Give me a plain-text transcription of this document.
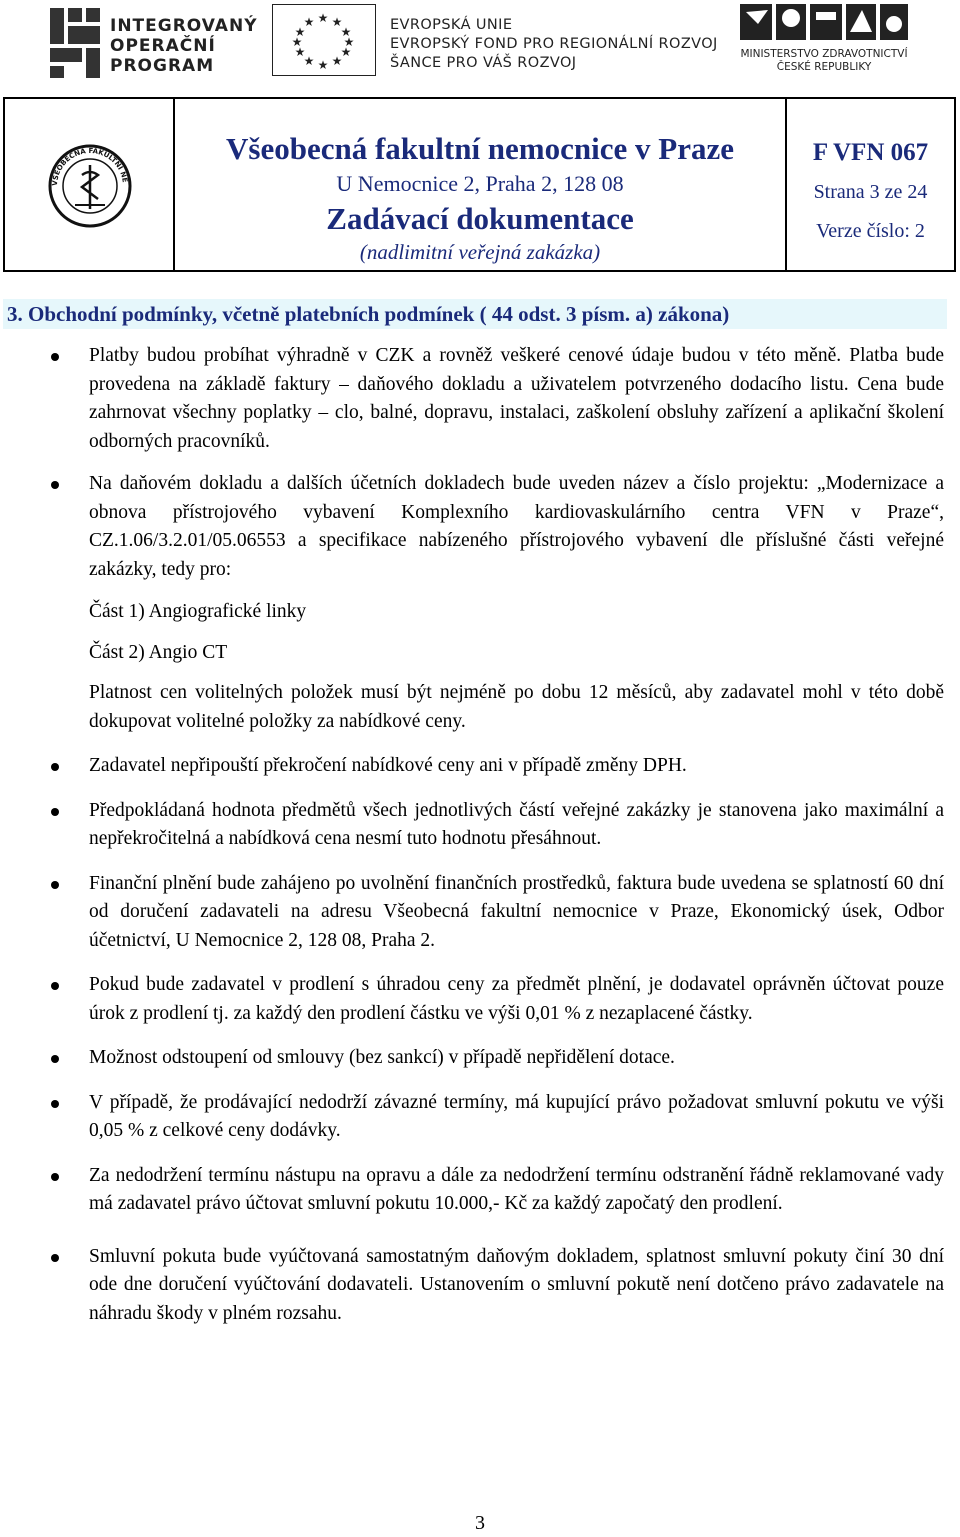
INTEGROVANÝ
OPERAČNÍ
PROGRAM
★ ★
★
★
★
★
★
★
★
★
★
★	EVROPSKÁ UNIE
EVROPSKÝ FOND PRO REGIONÁLNÍ ROZVOJ
ŠANCE PRO VÁŠ ROZVOJ
MINISTERSTVO ZDRAVOTNICTVÍ
ČESKÉ REPUBLIKY
VŠEOBECNÁ FAKULTNÍ NE
Všeobecná fakultní nemocnice v Praze
U Nemocnice 2, Praha 2, 128 08
Zadávací dokumentace
(nadlimitní veřejná zakázka)
F VFN 067
Strana 3 ze 24
Verze číslo: 2
3. Obchodní podmínky, včetně platebních podmínek ( 44 odst. 3 písm. a) zákona)

Platby budou probíhat výhradně v CZK a rovněž veškeré cenové údaje budou v této měně. Platba bude provedena na základě faktury – daňového dokladu a uživatelem potvrzeného dodacího listu. Cena bude zahrnovat všechny poplatky – clo, balné, dopravu, instalaci, zaškolení obsluhy zařízení a aplikační školení odborných pracovníků.

Na daňovém dokladu a dalších účetních dokladech bude uveden název a číslo projektu: „Modernizace a obnova přístrojového vybavení Komplexního kardiovaskulárního centra VFN v Praze“, CZ.1.06/3.2.01/05.06553 a specifikace nabízeného přístrojového vybavení dle příslušné části veřejné zakázky, tedy pro:

Část 1) Angiografické linky

Část 2) Angio CT

Platnost cen volitelných položek musí být nejméně po dobu 12 měsíců, aby zadavatel mohl v této době dokupovat volitelné položky za nabídkové ceny.

Zadavatel nepřipouští překročení nabídkové ceny ani v případě změny DPH.

Předpokládaná hodnota předmětů všech jednotlivých částí veřejné zakázky je stanovena jako maximální a nepřekročitelná a nabídková cena nesmí tuto hodnotu přesáhnout.

Finanční plnění bude zahájeno po uvolnění finančních prostředků, faktura bude uvedena se splatností 60 dní od doručení zadavateli na adresu Všeobecná fakultní nemocnice v Praze, Ekonomický úsek, Odbor účetnictví, U Nemocnice 2, 128 08, Praha 2.

Pokud bude zadavatel v prodlení s úhradou ceny za předmět plnění, je dodavatel oprávněn účtovat pouze úrok z prodlení tj. za každý den prodlení částku ve výši 0,01 % z nezaplacené částky.

Možnost odstoupení od smlouvy (bez sankcí) v případě nepřidělení dotace.

V případě, že prodávající nedodrží závazné termíny, má kupující právo požadovat smluvní pokutu ve výši 0,05 % z celkové ceny dodávky.

Za nedodržení termínu nástupu na opravu a dále za nedodržení termínu odstranění řádně reklamované vady má zadavatel právo účtovat smluvní pokutu 10.000,- Kč za každý započatý den prodlení.

Smluvní pokuta bude vyúčtovaná samostatným daňovým dokladem, splatnost smluvní pokuty činí 30 dní ode dne doručení vyúčtování dodavateli. Ustanovením o smluvní pokutě není dotčeno právo zadavatele na náhradu škody v plném rozsahu.

3
